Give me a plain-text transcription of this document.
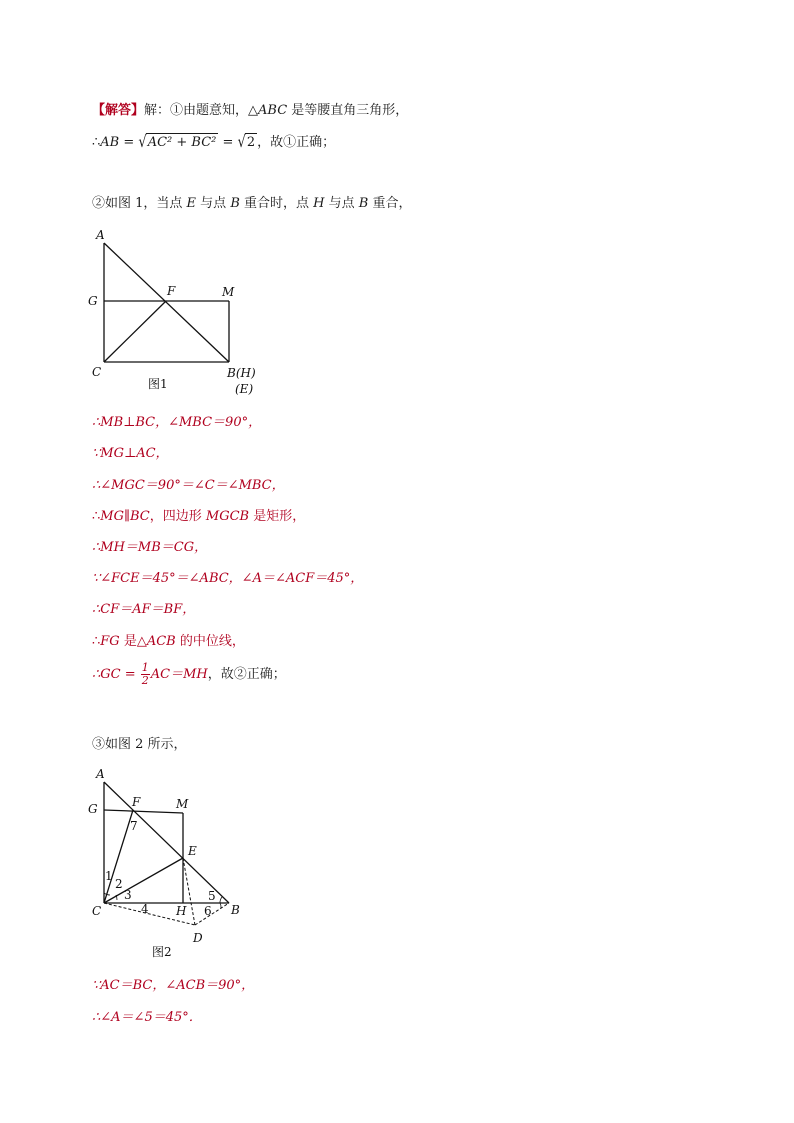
【解答】解：①由题意知，△ABC 是等腰直角三角形，
∴AB = √AC² + BC² = √2 ，故①正确；
②如图 1，当点 E 与点 B 重合时，点 H 与点 B 重合，
A
G
F	M
C	B(H)
(E)
图1
∴MB⊥BC，∠MBC＝90°，
∵MG⊥AC，
∴∠MGC＝90°＝∠C＝∠MBC，
∴MG∥BC，四边形 MGCB 是矩形，
∴MH＝MB＝CG，
∵∠FCE＝45°＝∠ABC，∠A＝∠ACF＝45°，
∴CF＝AF＝BF，
∴FG 是△ACB 的中位线，
∴GC = $\frac{1}{2} AC=MH$，故②正确；
③如图 2 所示，
A
G	F	M
E
C	H	B
D
1
2
3
4
5
6
7
图2
∵AC＝BC，∠ACB＝90°，
∴∠A＝∠5＝45°．
